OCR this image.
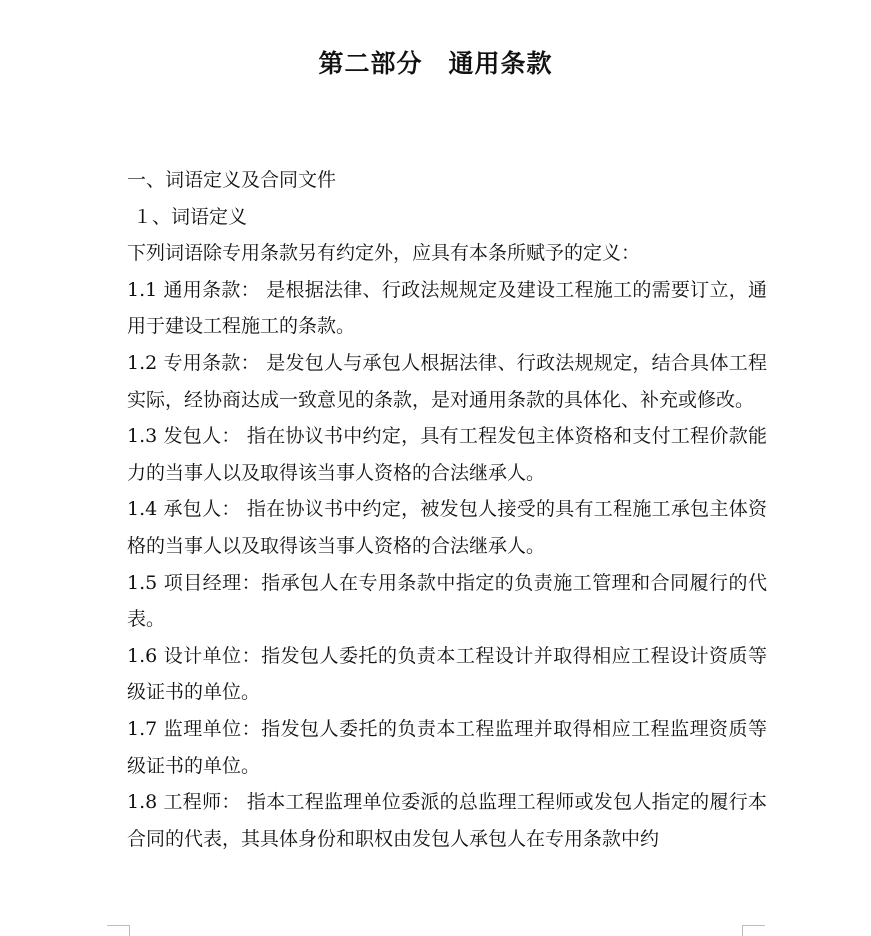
第二部分　通用条款

一、词语定义及合同文件

１、词语定义

下列词语除专用条款另有约定外，应具有本条所赋予的定义：

1.1 通用条款： 是根据法律、行政法规规定及建设工程施工的需要订立，通用于建设工程施工的条款。

1.2 专用条款： 是发包人与承包人根据法律、行政法规规定，结合具体工程实际，经协商达成一致意见的条款，是对通用条款的具体化、补充或修改。

1.3 发包人： 指在协议书中约定，具有工程发包主体资格和支付工程价款能力的当事人以及取得该当事人资格的合法继承人。

1.4 承包人： 指在协议书中约定，被发包人接受的具有工程施工承包主体资格的当事人以及取得该当事人资格的合法继承人。

1.5 项目经理：指承包人在专用条款中指定的负责施工管理和合同履行的代表。

1.6 设计单位：指发包人委托的负责本工程设计并取得相应工程设计资质等级证书的单位。

1.7 监理单位：指发包人委托的负责本工程监理并取得相应工程监理资质等级证书的单位。

1.8 工程师： 指本工程监理单位委派的总监理工程师或发包人指定的履行本合同的代表，其具体身份和职权由发包人承包人在专用条款中约
